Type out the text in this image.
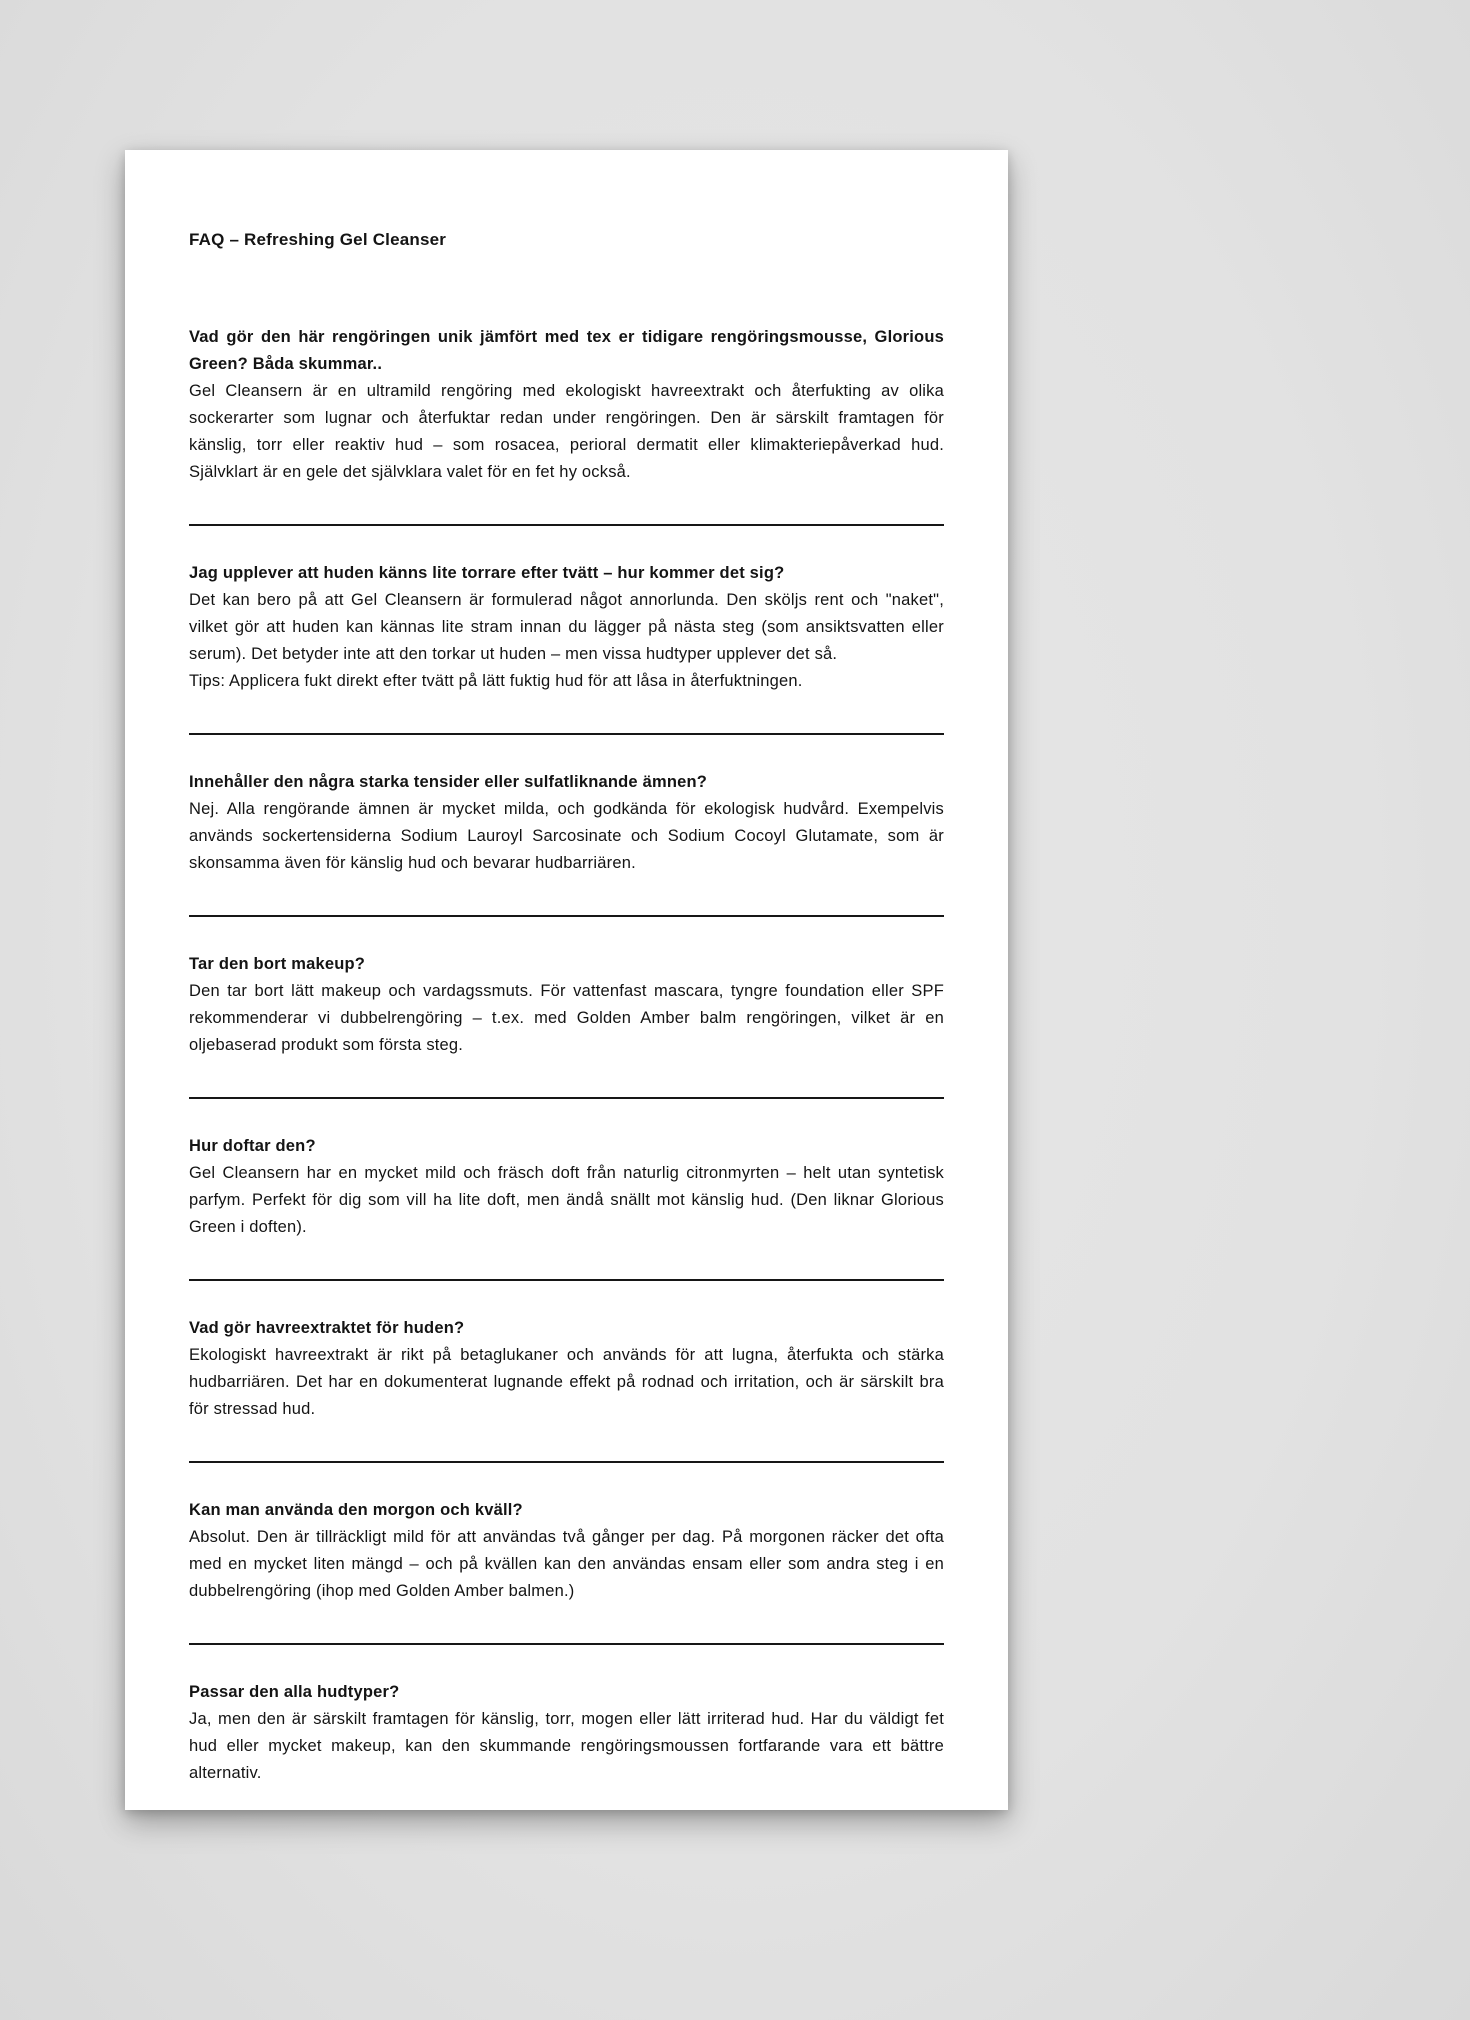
FAQ – Refreshing Gel Cleanser
Vad gör den här rengöringen unik jämfört med tex er tidigare rengöringsmousse, Glorious Green? Båda skummar..

Gel Cleansern är en ultramild rengöring med ekologiskt havreextrakt och återfukting av olika sockerarter som lugnar och återfuktar redan under rengöringen. Den är särskilt framtagen för känslig, torr eller reaktiv hud – som rosacea, perioral dermatit eller klimakteriepåverkad hud. Självklart är en gele det självklara valet för en fet hy också.

Jag upplever att huden känns lite torrare efter tvätt – hur kommer det sig?

Det kan bero på att Gel Cleansern är formulerad något annorlunda. Den sköljs rent och "naket", vilket gör att huden kan kännas lite stram innan du lägger på nästa steg (som ansiktsvatten eller serum). Det betyder inte att den torkar ut huden – men vissa hudtyper upplever det så.

Tips: Applicera fukt direkt efter tvätt på lätt fuktig hud för att låsa in återfuktningen.

Innehåller den några starka tensider eller sulfatliknande ämnen?

Nej. Alla rengörande ämnen är mycket milda, och godkända för ekologisk hudvård. Exempelvis används sockertensiderna Sodium Lauroyl Sarcosinate och Sodium Cocoyl Glutamate, som är skonsamma även för känslig hud och bevarar hudbarriären.

Tar den bort makeup?

Den tar bort lätt makeup och vardagssmuts. För vattenfast mascara, tyngre foundation eller SPF rekommenderar vi dubbelrengöring – t.ex. med Golden Amber balm rengöringen, vilket är en oljebaserad produkt som första steg.

Hur doftar den?

Gel Cleansern har en mycket mild och fräsch doft från naturlig citronmyrten – helt utan syntetisk parfym. Perfekt för dig som vill ha lite doft, men ändå snällt mot känslig hud. (Den liknar Glorious Green i doften).

Vad gör havreextraktet för huden?

Ekologiskt havreextrakt är rikt på betaglukaner och används för att lugna, återfukta och stärka hudbarriären. Det har en dokumenterat lugnande effekt på rodnad och irritation, och är särskilt bra för stressad hud.

Kan man använda den morgon och kväll?

Absolut. Den är tillräckligt mild för att användas två gånger per dag. På morgonen räcker det ofta med en mycket liten mängd – och på kvällen kan den användas ensam eller som andra steg i en dubbelrengöring (ihop med Golden Amber balmen.)

Passar den alla hudtyper?

Ja, men den är särskilt framtagen för känslig, torr, mogen eller lätt irriterad hud. Har du väldigt fet hud eller mycket makeup, kan den skummande rengöringsmoussen fortfarande vara ett bättre alternativ.
